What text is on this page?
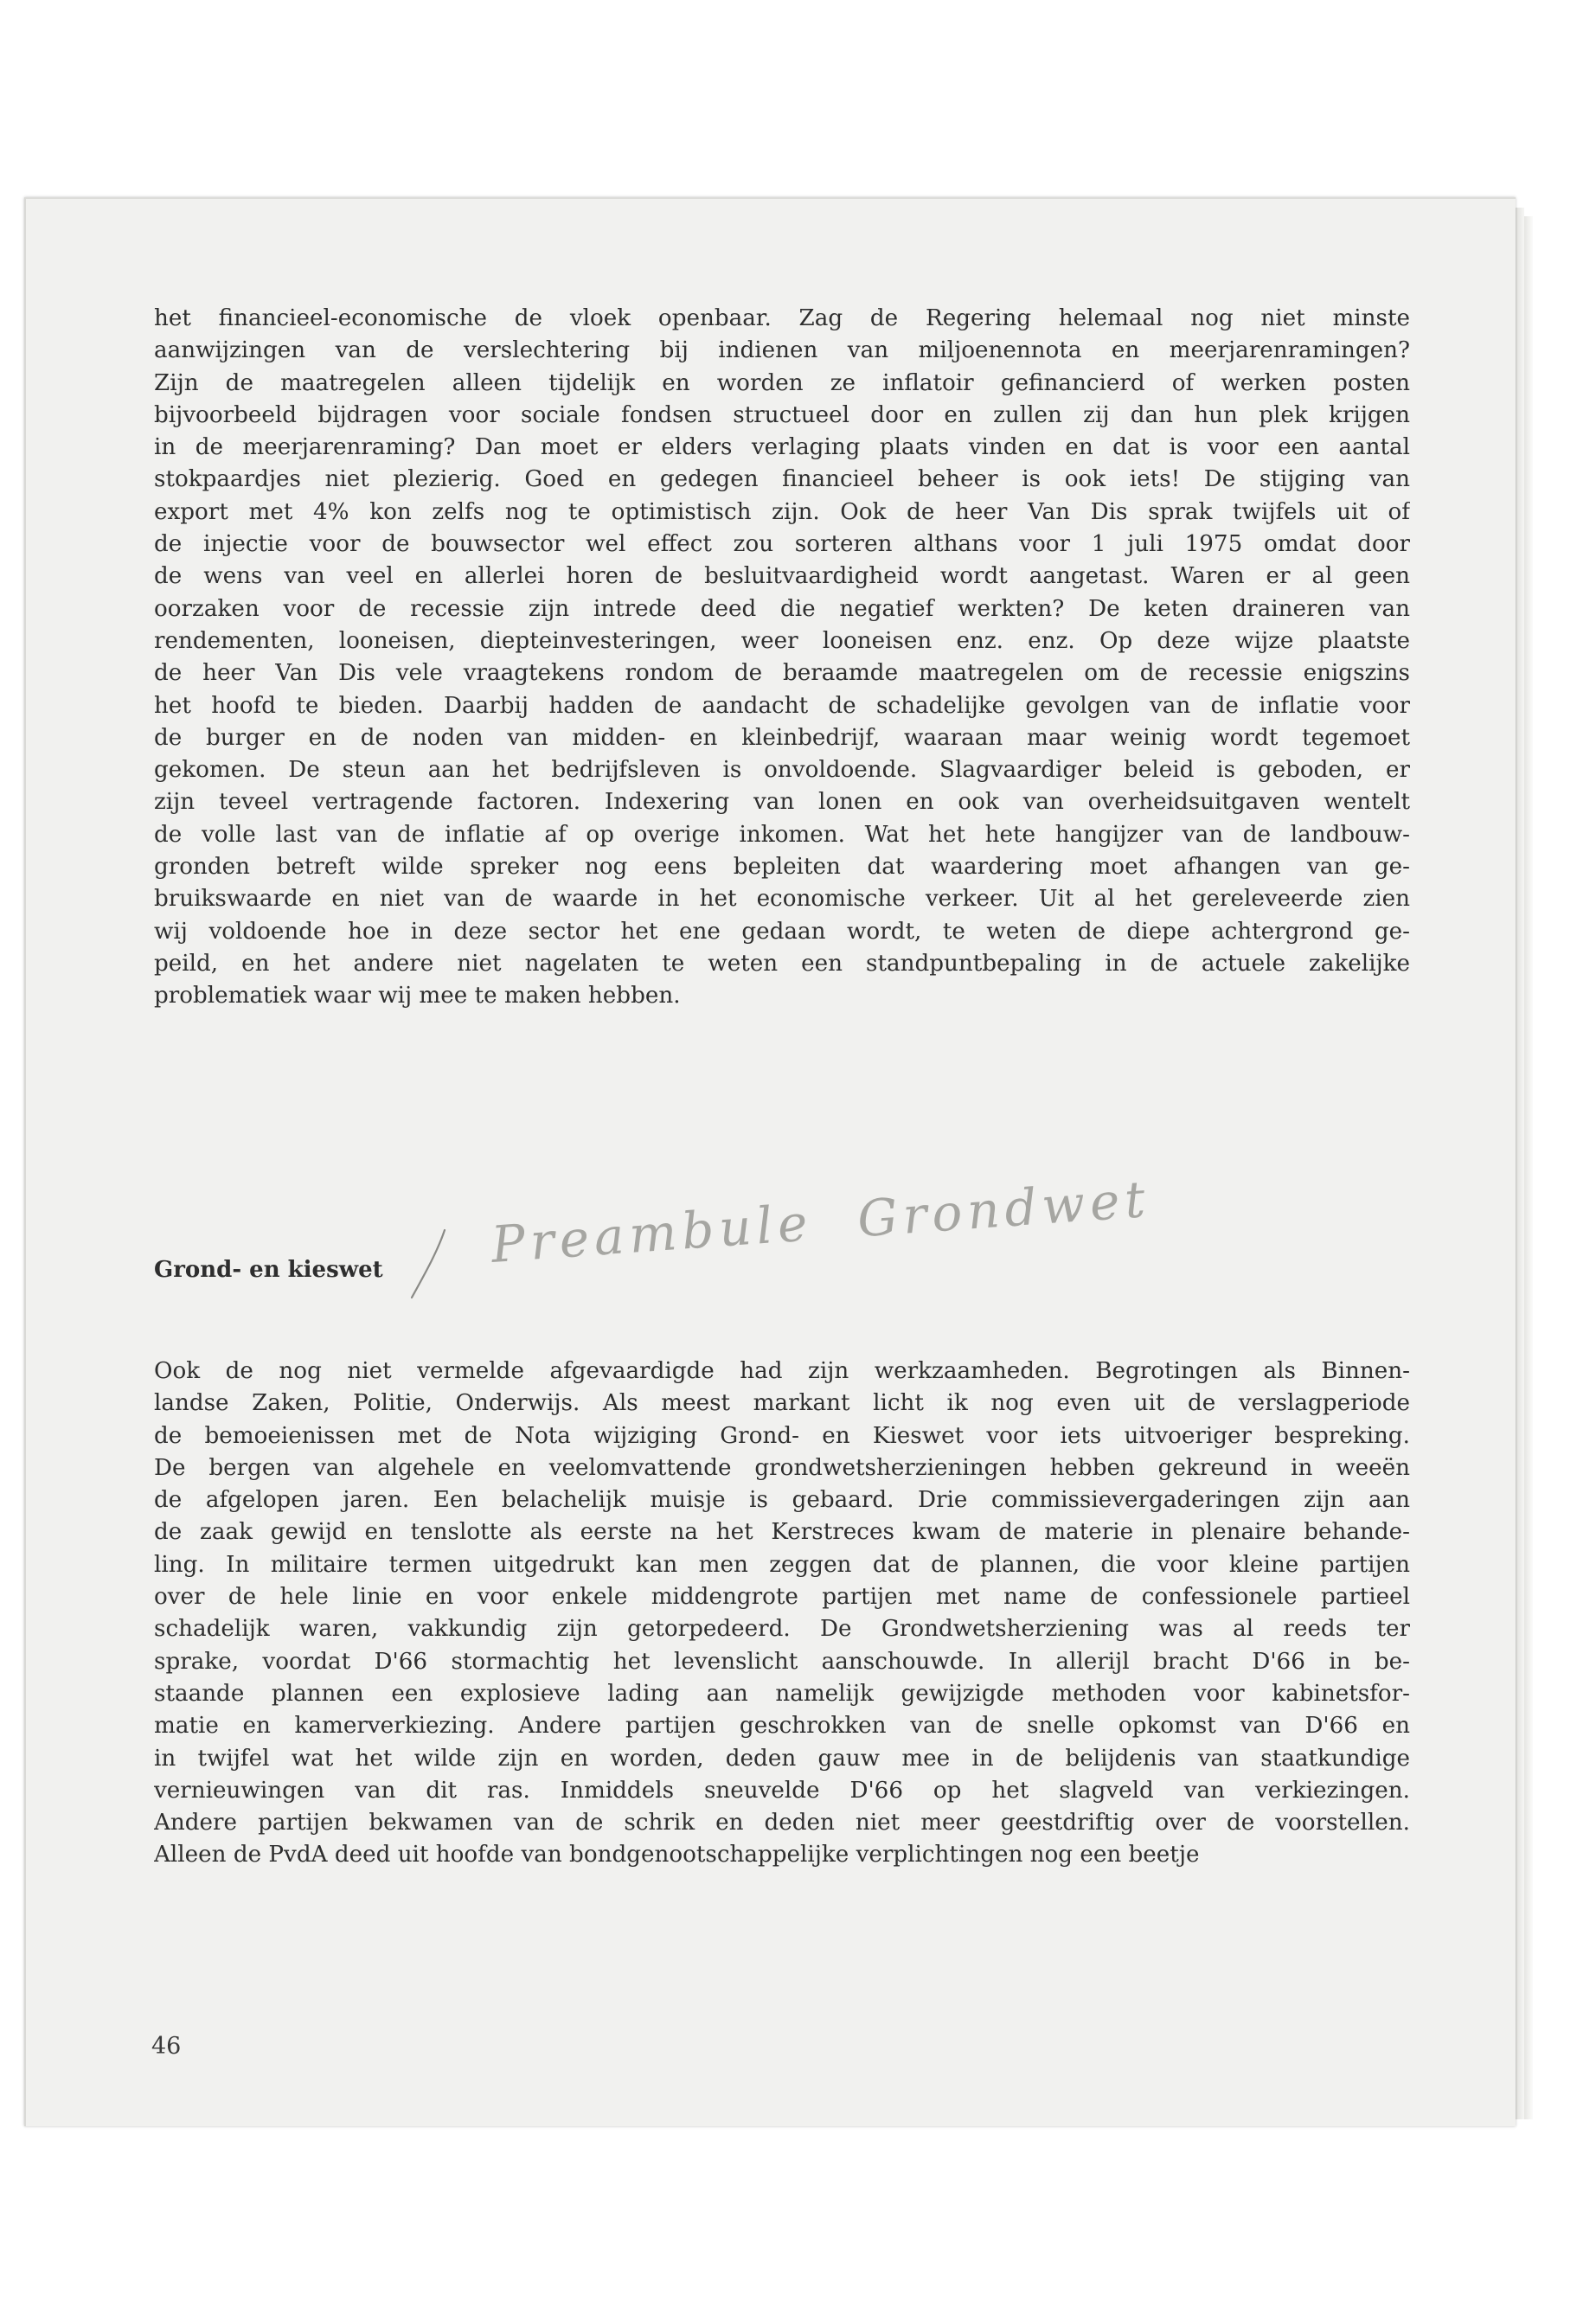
het financieel-economische de vloek openbaar. Zag de Regering helemaal nog niet minste
aanwijzingen van de verslechtering bij indienen van miljoenennota en meerjarenramingen?
Zijn de maatregelen alleen tijdelijk en worden ze inflatoir gefinancierd of werken posten
bijvoorbeeld bijdragen voor sociale fondsen structueel door en zullen zij dan hun plek krijgen
in de meerjarenraming? Dan moet er elders verlaging plaats vinden en dat is voor een aantal
stokpaardjes niet plezierig. Goed en gedegen financieel beheer is ook iets! De stijging van
export met 4% kon zelfs nog te optimistisch zijn. Ook de heer Van Dis sprak twijfels uit of
de injectie voor de bouwsector wel effect zou sorteren althans voor 1 juli 1975 omdat door
de wens van veel en allerlei horen de besluitvaardigheid wordt aangetast. Waren er al geen
oorzaken voor de recessie zijn intrede deed die negatief werkten? De keten draineren van
rendementen, looneisen, diepteinvesteringen, weer looneisen enz. enz. Op deze wijze plaatste
de heer Van Dis vele vraagtekens rondom de beraamde maatregelen om de recessie enigszins
het hoofd te bieden. Daarbij hadden de aandacht de schadelijke gevolgen van de inflatie voor
de burger en de noden van midden- en kleinbedrijf, waaraan maar weinig wordt tegemoet
gekomen. De steun aan het bedrijfsleven is onvoldoende. Slagvaardiger beleid is geboden, er
zijn teveel vertragende factoren. Indexering van lonen en ook van overheidsuitgaven wentelt
de volle last van de inflatie af op overige inkomen. Wat het hete hangijzer van de landbouw-
gronden betreft wilde spreker nog eens bepleiten dat waardering moet afhangen van ge-
bruikswaarde en niet van de waarde in het economische verkeer. Uit al het gereleveerde zien
wij voldoende hoe in deze sector het ene gedaan wordt, te weten de diepe achtergrond ge-
peild, en het andere niet nagelaten te weten een standpuntbepaling in de actuele zakelijke
problematiek waar wij mee te maken hebben.
Grond- en kieswet Preambule Grondwet
Ook de nog niet vermelde afgevaardigde had zijn werkzaamheden. Begrotingen als Binnen-
landse Zaken, Politie, Onderwijs. Als meest markant licht ik nog even uit de verslagperiode
de bemoeienissen met de Nota wijziging Grond- en Kieswet voor iets uitvoeriger bespreking.
De bergen van algehele en veelomvattende grondwetsherzieningen hebben gekreund in weeën
de afgelopen jaren. Een belachelijk muisje is gebaard. Drie commissievergaderingen zijn aan
de zaak gewijd en tenslotte als eerste na het Kerstreces kwam de materie in plenaire behande-
ling. In militaire termen uitgedrukt kan men zeggen dat de plannen, die voor kleine partijen
over de hele linie en voor enkele middengrote partijen met name de confessionele partieel
schadelijk waren, vakkundig zijn getorpedeerd. De Grondwetsherziening was al reeds ter
sprake, voordat D'66 stormachtig het levenslicht aanschouwde. In allerijl bracht D'66 in be-
staande plannen een explosieve lading aan namelijk gewijzigde methoden voor kabinetsfor-
matie en kamerverkiezing. Andere partijen geschrokken van de snelle opkomst van D'66 en
in twijfel wat het wilde zijn en worden, deden gauw mee in de belijdenis van staatkundige
vernieuwingen van dit ras. Inmiddels sneuvelde D'66 op het slagveld van verkiezingen.
Andere partijen bekwamen van de schrik en deden niet meer geestdriftig over de voorstellen.
Alleen de PvdA deed uit hoofde van bondgenootschappelijke verplichtingen nog een beetje
46
